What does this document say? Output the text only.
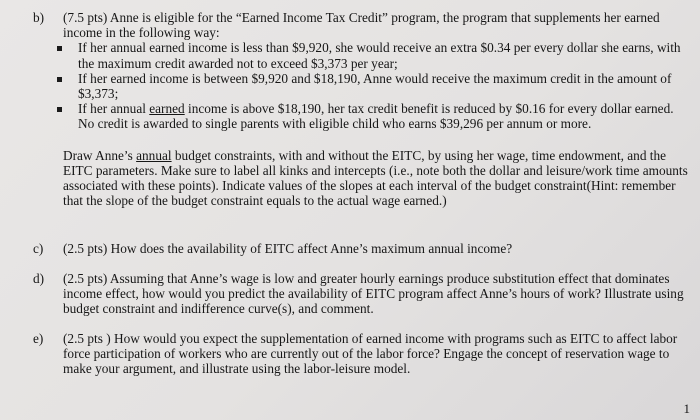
b)	(7.5 pts) Anne is eligible for the “Earned Income Tax Credit” program, the program that supplements her earned
income in the following way:
If her annual earned income is less than $9,920, she would receive an extra $0.34 per every dollar she earns, with the maximum credit awarded not to exceed $3,373 per year;
If her earned income is between $9,920 and $18,190, Anne would receive the maximum credit in the amount of $3,373;
If her annual earned income is above $18,190, her tax credit benefit is reduced by $0.16 for every dollar earned. No credit is awarded to single parents with eligible child who earns $39,296 per annum or more.
Draw Anne’s annual budget constraints, with and without the EITC, by using her wage, time endowment, and the EITC parameters. Make sure to label all kinks and intercepts (i.e., note both the dollar and leisure/work time amounts associated with these points). Indicate values of the slopes at each interval of the budget constraint(Hint: remember that the slope of the budget constraint equals to the actual wage earned.)
c)	(2.5 pts) How does the availability of EITC affect Anne’s maximum annual income?
d)	(2.5 pts) Assuming that Anne’s wage is low and greater hourly earnings produce substitution effect that dominates income effect, how would you predict the availability of EITC program affect Anne’s hours of work? Illustrate using budget constraint and indifference curve(s), and comment.
e)	(2.5 pts ) How would you expect the supplementation of earned income with programs such as EITC to affect labor force participation of workers who are currently out of the labor force? Engage the concept of reservation wage to make your argument, and illustrate using the labor-leisure model.
1
